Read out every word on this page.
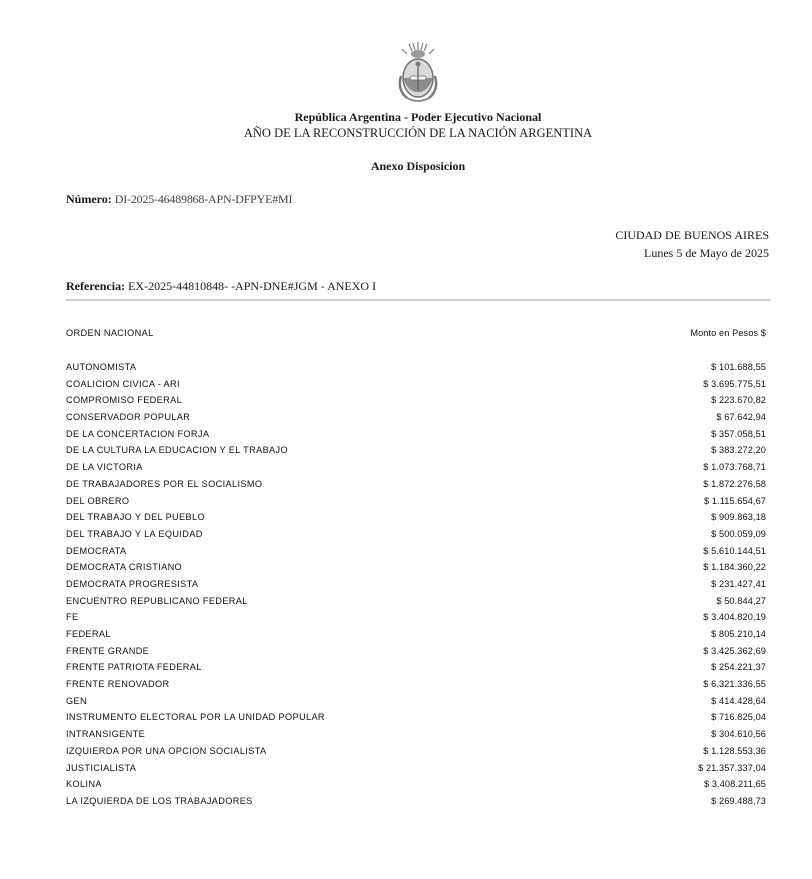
República Argentina - Poder Ejecutivo Nacional
AÑO DE LA RECONSTRUCCIÓN DE LA NACIÓN ARGENTINA
Anexo Disposicion
Número: DI-2025-46489868-APN-DFPYE#MI
CIUDAD DE BUENOS AIRES
Lunes 5 de Mayo de 2025
Referencia: EX-2025-44810848- -APN-DNE#JGM - ANEXO I
ORDEN NACIONAL	Monto en Pesos $
AUTONOMISTA	$ 101.688,55
COALICION CIVICA - ARI	$ 3.695.775,51
COMPROMISO FEDERAL	$ 223.670,82
CONSERVADOR POPULAR	$ 67.642,94
DE LA CONCERTACION FORJA	$ 357.058,51
DE LA CULTURA LA EDUCACION Y EL TRABAJO	$ 383.272,20
DE LA VICTORIA	$ 1.073.768,71
DE TRABAJADORES POR EL SOCIALISMO	$ 1.872.276,58
DEL OBRERO	$ 1.115.654,67
DEL TRABAJO Y DEL PUEBLO	$ 909.863,18
DEL TRABAJO Y LA EQUIDAD	$ 500.059,09
DEMOCRATA	$ 5.610.144,51
DEMOCRATA CRISTIANO	$ 1.184.360,22
DEMOCRATA PROGRESISTA	$ 231.427,41
ENCUENTRO REPUBLICANO FEDERAL	$ 50.844,27
FE	$ 3.404.820,19
FEDERAL	$ 805.210,14
FRENTE GRANDE	$ 3.425.362,69
FRENTE PATRIOTA FEDERAL	$ 254.221,37
FRENTE RENOVADOR	$ 6.321.336,55
GEN	$ 414.428,64
INSTRUMENTO ELECTORAL POR LA UNIDAD POPULAR	$ 716.825,04
INTRANSIGENTE	$ 304.610,56
IZQUIERDA POR UNA OPCION SOCIALISTA	$ 1.128.553,36
JUSTICIALISTA	$ 21.357.337,04
KOLINA	$ 3.408.211,65
LA IZQUIERDA DE LOS TRABAJADORES	$ 269.488,73
